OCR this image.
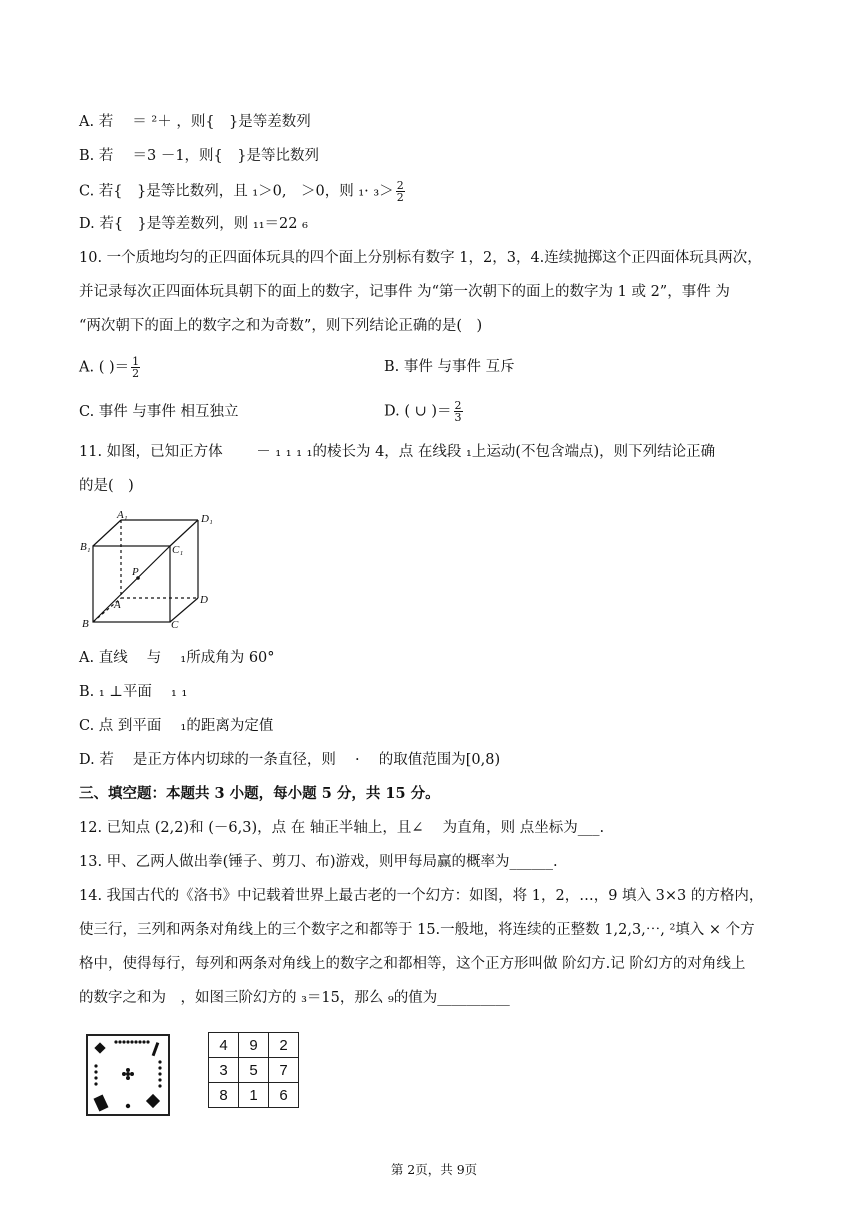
A. 若　 ＝ ²＋ ，则{　}是等差数列
B. 若　 ＝3 －1，则{　}是等比数列
C. 若{　}是等比数列，且 ₁＞0,　＞0，则 $_1\cdot _3> \frac{2}{2}$
D. 若{　}是等差数列，则 ₁₁＝22 ₆
10. 一个质地均匀的正四面体玩具的四个面上分别标有数字 1，2，3，4.连续抛掷这个正四面体玩具两次，
并记录每次正四面体玩具朝下的面上的数字，记事件 为“第一次朝下的面上的数字为 1 或 2”，事件 为
“两次朝下的面上的数字之和为奇数”，则下列结论正确的是(　)
A. ( )＝ $\frac{1}{2}$	B. 事件 与事件 互斥
C. 事件 与事件 相互独立	D. ( ∪ )＝ $\frac{2}{3}$
11. 如图，已知正方体　　 － ₁ ₁ ₁ ₁的棱长为 4，点 在线段 ₁上运动(不包含端点)，则下列结论正确
的是(　)
A₁	D₁
B₁	C₁
P
A	D
B	C
A. 直线　 与　 ₁所成角为 60°
B. ₁ ⊥平面　 ₁ ₁
C. 点 到平面　 ₁的距离为定值
D. 若　 是正方体内切球的一条直径，则　 ·　 的取值范围为[0,8)
三、填空题：本题共 3 小题，每小题 5 分，共 15 分。
12. 已知点 (2,2)和 (－6,3)，点 在 轴正半轴上，且∠　 为直角，则 点坐标为___.
13. 甲、乙两人做出拳(锤子、剪刀、布)游戏，则甲每局赢的概率为______.
14. 我国古代的《洛书》中记载着世界上最古老的一个幻方：如图，将 1，2，…，9 填入 3×3 的方格内，
使三行，三列和两条对角线上的三个数字之和都等于 15.一般地，将连续的正整数 1,2,3,⋯, ²填入 × 个方
格中，使得每行，每列和两条对角线上的数字之和都相等，这个正方形叫做 阶幻方.记 阶幻方的对角线上
的数字之和为　，如图三阶幻方的 ₃＝15，那么 ₉的值为__________
4	9	2
3	5	7
8	1	6
第 2页，共 9页
